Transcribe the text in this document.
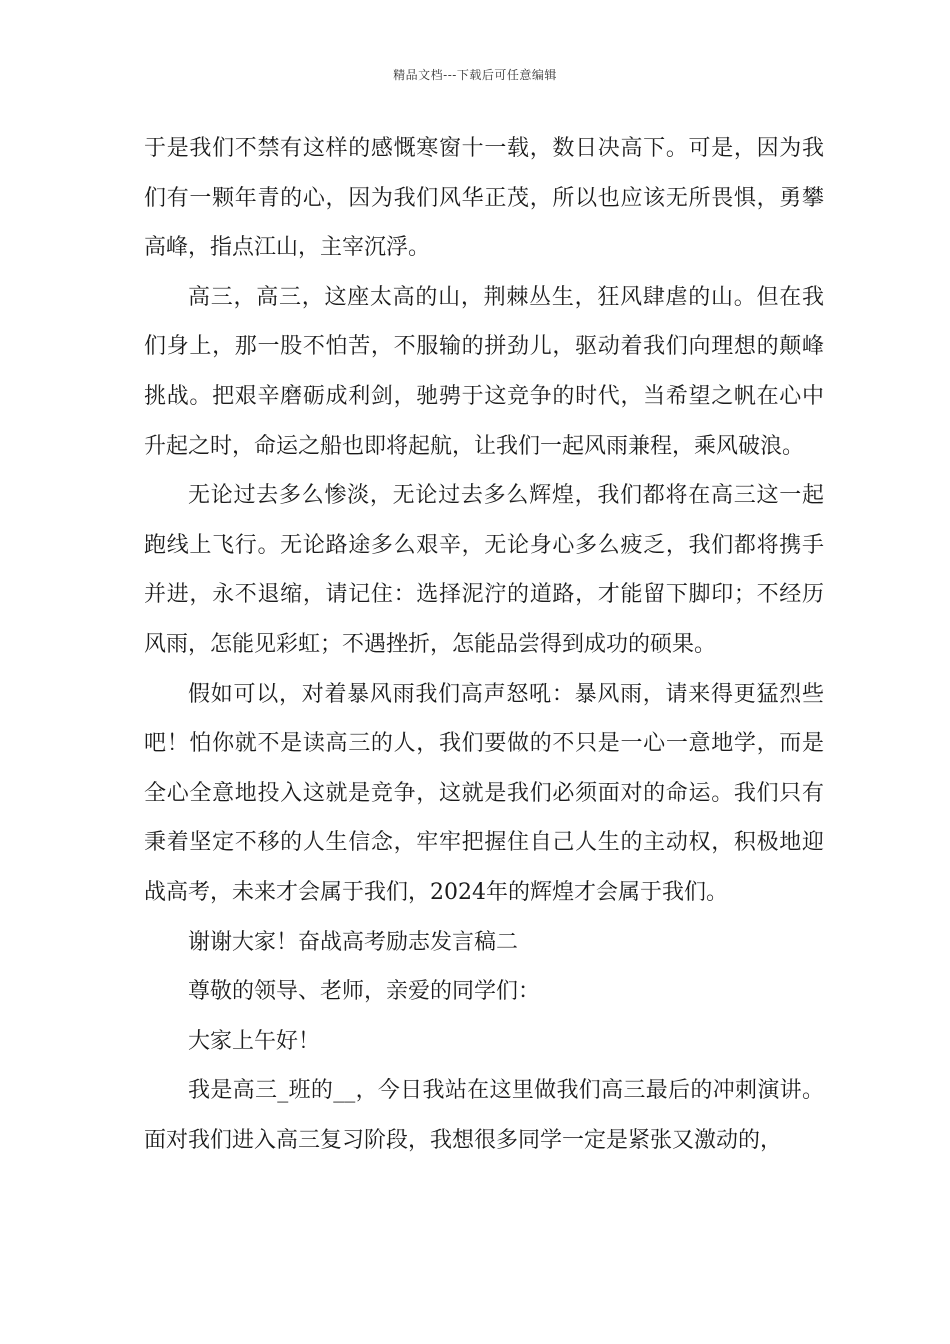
精品文档---下载后可任意编辑

于是我们不禁有这样的感慨寒窗十一载，数日决高下。可是，因为我们有一颗年青的心，因为我们风华正茂，所以也应该无所畏惧，勇攀高峰，指点江山，主宰沉浮。

高三，高三，这座太高的山，荆棘丛生，狂风肆虐的山。但在我们身上，那一股不怕苦，不服输的拼劲儿，驱动着我们向理想的颠峰挑战。把艰辛磨砺成利剑，驰骋于这竞争的时代，当希望之帆在心中升起之时，命运之船也即将起航，让我们一起风雨兼程，乘风破浪。

无论过去多么惨淡，无论过去多么辉煌，我们都将在高三这一起跑线上飞行。无论路途多么艰辛，无论身心多么疲乏，我们都将携手并进，永不退缩，请记住：选择泥泞的道路，才能留下脚印；不经历风雨，怎能见彩虹；不遇挫折，怎能品尝得到成功的硕果。

假如可以，对着暴风雨我们高声怒吼：暴风雨，请来得更猛烈些吧！怕你就不是读高三的人，我们要做的不只是一心一意地学，而是全心全意地投入这就是竞争，这就是我们必须面对的命运。我们只有秉着坚定不移的人生信念，牢牢把握住自己人生的主动权，积极地迎战高考，未来才会属于我们，2024年的辉煌才会属于我们。

谢谢大家！奋战高考励志发言稿二

尊敬的领导、老师，亲爱的同学们：

大家上午好！

我是高三_班的__，今日我站在这里做我们高三最后的冲刺演讲。面对我们进入高三复习阶段，我想很多同学一定是紧张又激动的，
